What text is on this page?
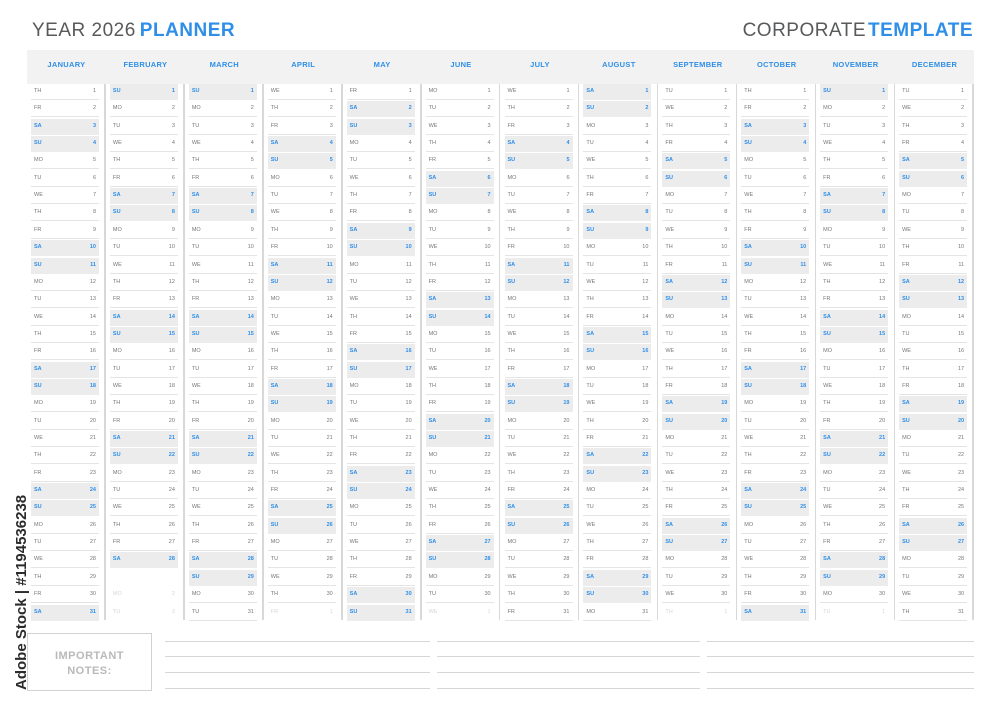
YEAR 2026 PLANNER	CORPORATE TEMPLATE
JANUARY
TH	1
FR	2
SA	3
SU	4
MO	5
TU	6
WE	7
TH	8
FR	9
SA	10
SU	11
MO	12
TU	13
WE	14
TH	15
FR	16
SA	17
SU	18
MO	19
TU	20
WE	21
TH	22
FR	23
SA	24
SU	25
MO	26
TU	27
WE	28
TH	29
FR	30
SA	31
FEBRUARY
SU	1
MO	2
TU	3
WE	4
TH	5
FR	6
SA	7
SU	8
MO	9
TU	10
WE	11
TH	12
FR	13
SA	14
SU	15
MO	16
TU	17
WE	18
TH	19
FR	20
SA	21
SU	22
MO	23
TU	24
WE	25
TH	26
FR	27
SA	28
MO	2
TU	3
MARCH
SU	1
MO	2
TU	3
WE	4
TH	5
FR	6
SA	7
SU	8
MO	9
TU	10
WE	11
TH	12
FR	13
SA	14
SU	15
MO	16
TU	17
WE	18
TH	19
FR	20
SA	21
SU	22
MO	23
TU	24
WE	25
TH	26
FR	27
SA	28
SU	29
MO	30
TU	31
APRIL
WE	1
TH	2
FR	3
SA	4
SU	5
MO	6
TU	7
WE	8
TH	9
FR	10
SA	11
SU	12
MO	13
TU	14
WE	15
TH	16
FR	17
SA	18
SU	19
MO	20
TU	21
WE	22
TH	23
FR	24
SA	25
SU	26
MO	27
TU	28
WE	29
TH	30
FR	1
MAY
FR	1
SA	2
SU	3
MO	4
TU	5
WE	6
TH	7
FR	8
SA	9
SU	10
MO	11
TU	12
WE	13
TH	14
FR	15
SA	16
SU	17
MO	18
TU	19
WE	20
TH	21
FR	22
SA	23
SU	24
MO	25
TU	26
WE	27
TH	28
FR	29
SA	30
SU	31
JUNE
MO	1
TU	2
WE	3
TH	4
FR	5
SA	6
SU	7
MO	8
TU	9
WE	10
TH	11
FR	12
SA	13
SU	14
MO	15
TU	16
WE	17
TH	18
FR	19
SA	20
SU	21
MO	22
TU	23
WE	24
TH	25
FR	26
SA	27
SU	28
MO	29
TU	30
WE	1
JULY
WE	1
TH	2
FR	3
SA	4
SU	5
MO	6
TU	7
WE	8
TH	9
FR	10
SA	11
SU	12
MO	13
TU	14
WE	15
TH	16
FR	17
SA	18
SU	19
MO	20
TU	21
WE	22
TH	23
FR	24
SA	25
SU	26
MO	27
TU	28
WE	29
TH	30
FR	31
AUGUST
SA	1
SU	2
MO	3
TU	4
WE	5
TH	6
FR	7
SA	8
SU	9
MO	10
TU	11
WE	12
TH	13
FR	14
SA	15
SU	16
MO	17
TU	18
WE	19
TH	20
FR	21
SA	22
SU	23
MO	24
TU	25
WE	26
TH	27
FR	28
SA	29
SU	30
MO	31
SEPTEMBER
TU	1
WE	2
TH	3
FR	4
SA	5
SU	6
MO	7
TU	8
WE	9
TH	10
FR	11
SA	12
SU	13
MO	14
TU	15
WE	16
TH	17
FR	18
SA	19
SU	20
MO	21
TU	22
WE	23
TH	24
FR	25
SA	26
SU	27
MO	28
TU	29
WE	30
TH	1
OCTOBER
TH	1
FR	2
SA	3
SU	4
MO	5
TU	6
WE	7
TH	8
FR	9
SA	10
SU	11
MO	12
TU	13
WE	14
TH	15
FR	16
SA	17
SU	18
MO	19
TU	20
WE	21
TH	22
FR	23
SA	24
SU	25
MO	26
TU	27
WE	28
TH	29
FR	30
SA	31
NOVEMBER
SU	1
MO	2
TU	3
WE	4
TH	5
FR	6
SA	7
SU	8
MO	9
TU	10
WE	11
TH	12
FR	13
SA	14
SU	15
MO	16
TU	17
WE	18
TH	19
FR	20
SA	21
SU	22
MO	23
TU	24
WE	25
TH	26
FR	27
SA	28
SU	29
MO	30
TU	1
DECEMBER
TU	1
WE	2
TH	3
FR	4
SA	5
SU	6
MO	7
TU	8
WE	9
TH	10
FR	11
SA	12
SU	13
MO	14
TU	15
WE	16
TH	17
FR	18
SA	19
SU	20
MO	21
TU	22
WE	23
TH	24
FR	25
SA	26
SU	27
MO	28
TU	29
WE	30
TH	31
IMPORTANT
NOTES:
Adobe Stock | #1194536238
